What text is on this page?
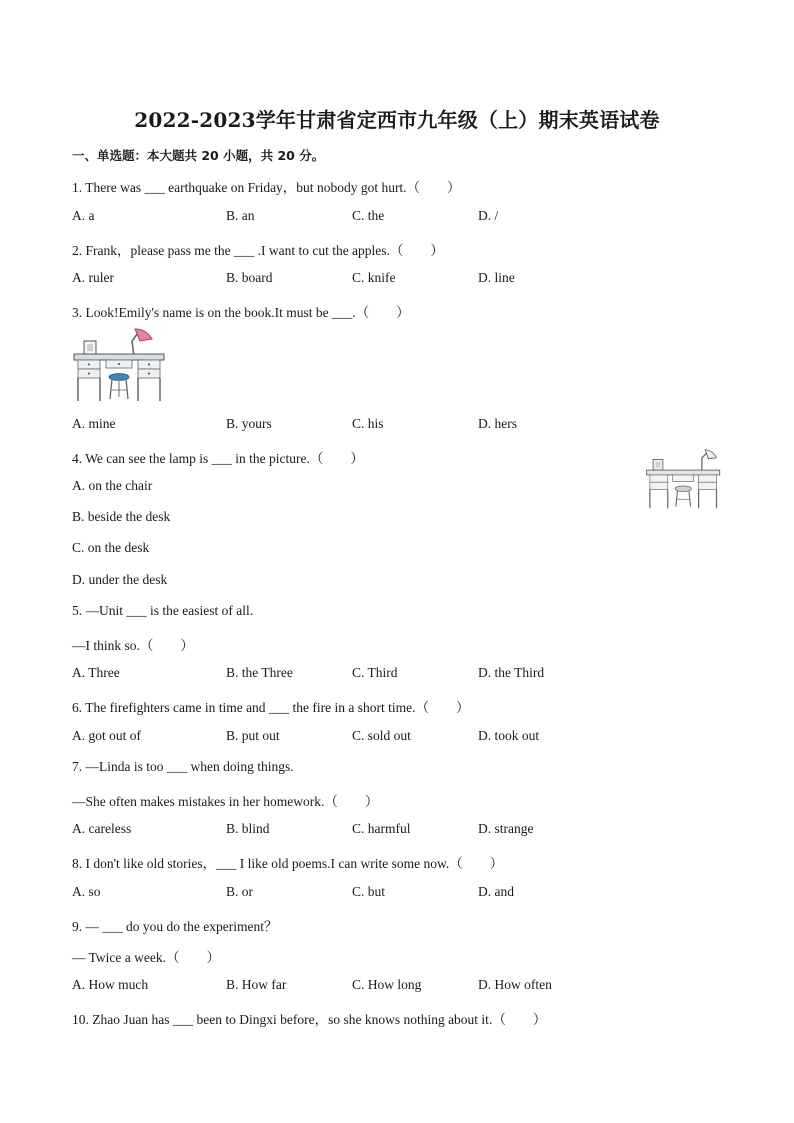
2022-2023学年甘肃省定西市九年级（上）期末英语试卷
一、单选题：本大题共 20 小题，共 20 分。
1. There was ___ earthquake on Friday，but nobody got hurt.（　　）
A. a	B. an	C. the	D. /
2. Frank，please pass me the ___ .I want to cut the apples.（　　）
A. ruler	B. board	C. knife	D. line
3. Look!Emily's name is on the book.It must be ___.（　　）
A. mine	B. yours	C. his	D. hers
4. We can see the lamp is ___ in the picture.（　　）
A. on the chair
B. beside the desk
C. on the desk
D. under the desk
5. —Unit ___ is the easiest of all.
—I think so.（　　）
A. Three	B. the Three	C. Third	D. the Third
6. The firefighters came in time and ___ the fire in a short time.（　　）
A. got out of	B. put out	C. sold out	D. took out
7. —Linda is too ___ when doing things.
—She often makes mistakes in her homework.（　　）
A. careless	B. blind	C. harmful	D. strange
8. I don't like old stories，___ I like old poems.I can write some now.（　　）
A. so	B. or	C. but	D. and
9. — ___ do you do the experiment？
— Twice a week.（　　）
A. How much	B. How far	C. How long	D. How often
10. Zhao Juan has ___ been to Dingxi before，so she knows nothing about it.（　　）
